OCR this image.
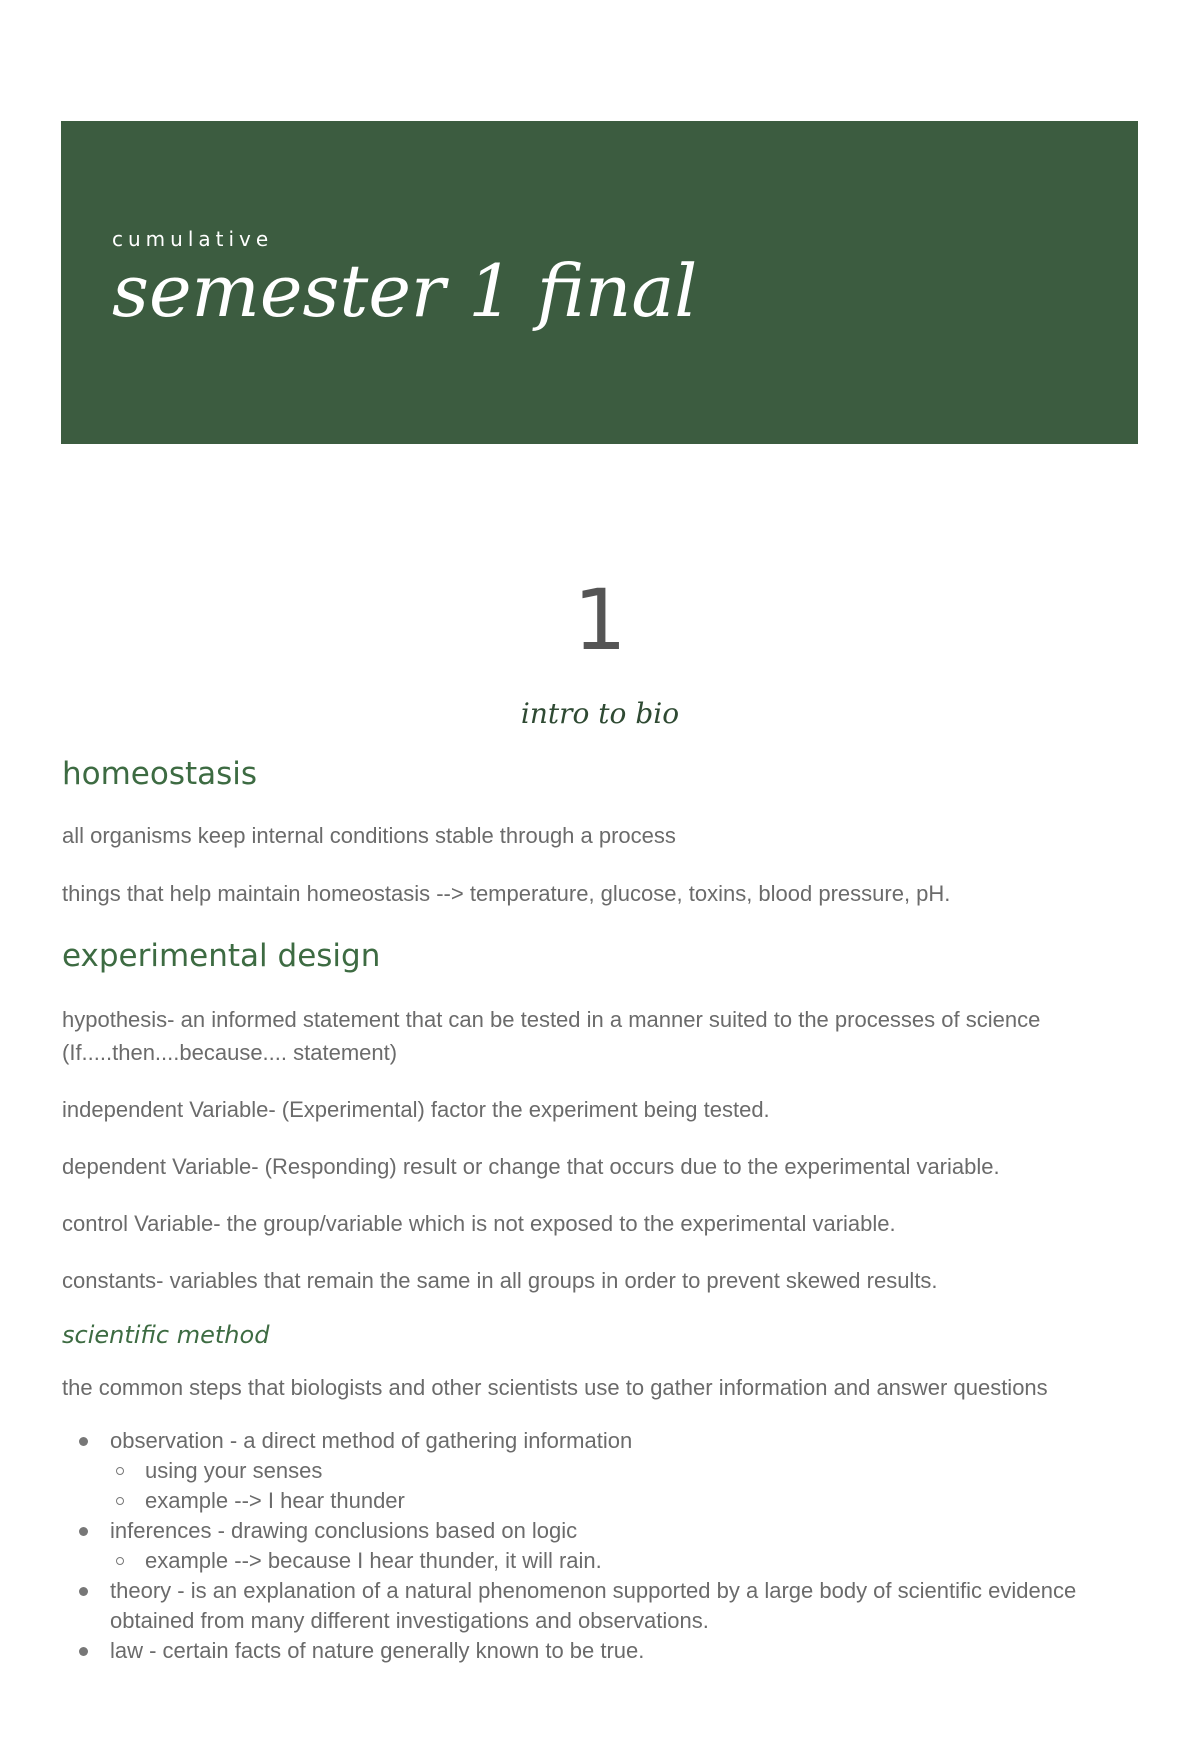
cumulative
semester 1 final
1
intro to bio
homeostasis

all organisms keep internal conditions stable through a process

things that help maintain homeostasis --> temperature, glucose, toxins, blood pressure, pH.

experimental design

hypothesis- an informed statement that can be tested in a manner suited to the processes of science (If.....then....because.... statement)

independent Variable- (Experimental) factor the experiment being tested.

dependent Variable- (Responding) result or change that occurs due to the experimental variable.

control Variable- the group/variable which is not exposed to the experimental variable.

constants- variables that remain the same in all groups in order to prevent skewed results.

scientific method

the common steps that biologists and other scientists use to gather information and answer questions

observation - a direct method of gathering information
using your senses
example --> I hear thunder
inferences - drawing conclusions based on logic
example --> because I hear thunder, it will rain.
theory - is an explanation of a natural phenomenon supported by a large body of scientific evidence obtained from many different investigations and observations.
law - certain facts of nature generally known to be true.
